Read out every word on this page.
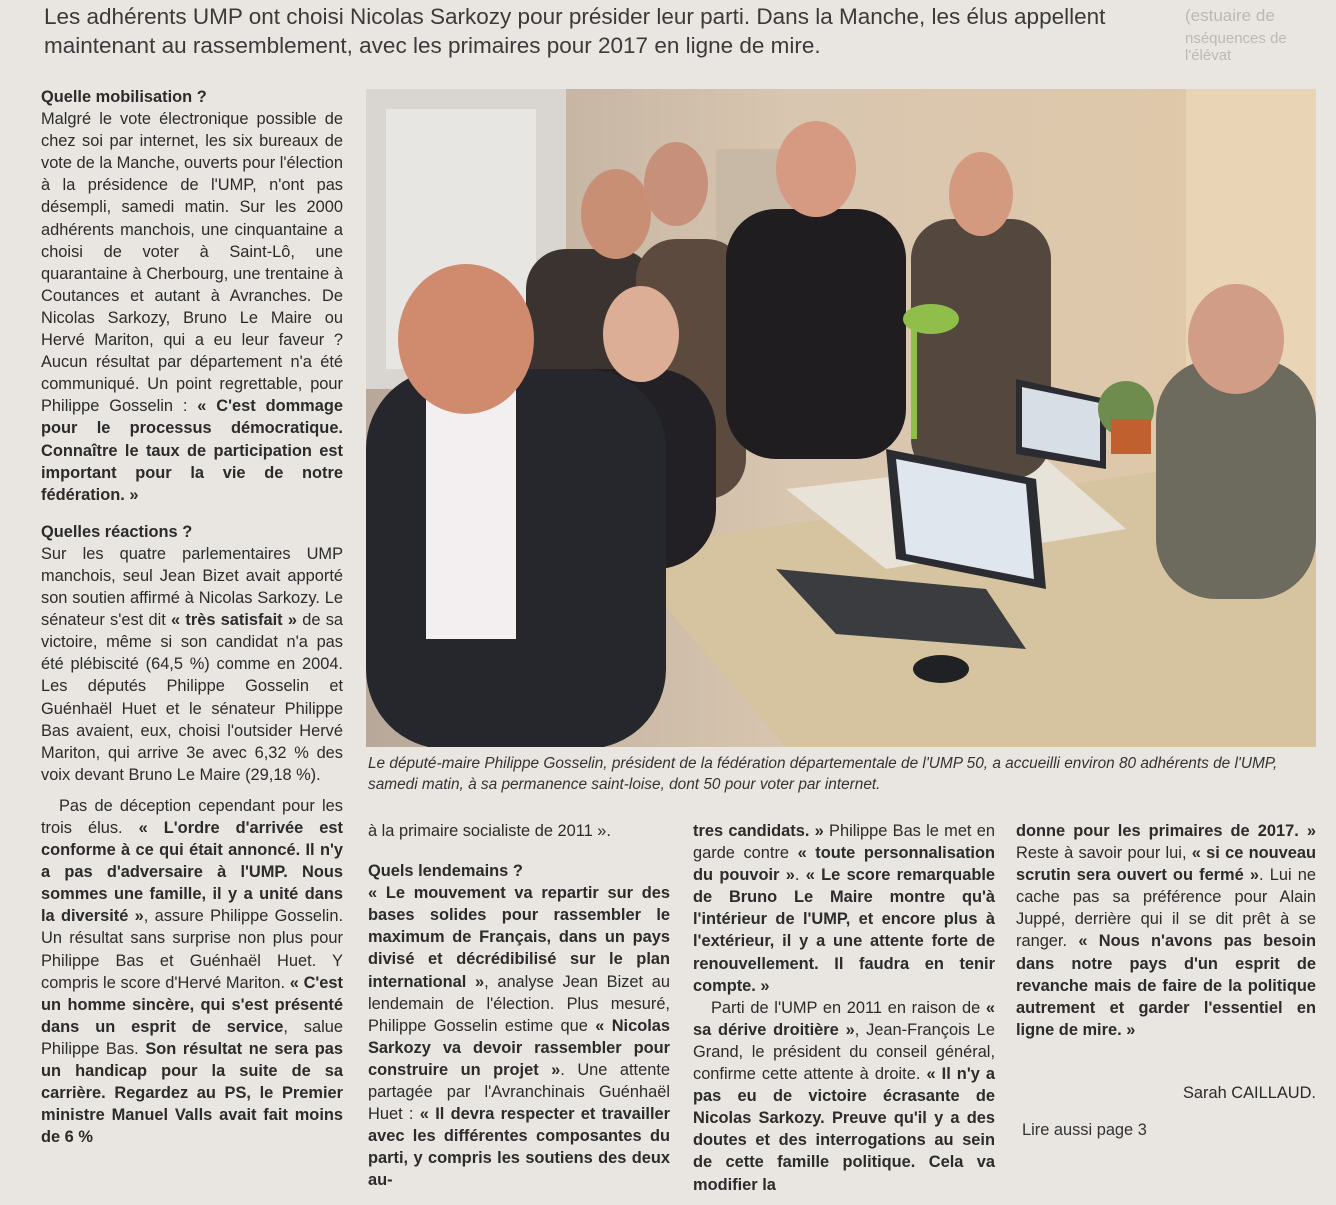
Les adhérents UMP ont choisi Nicolas Sarkozy pour présider leur parti. Dans la Manche, les élus appellent maintenant au rassemblement, avec les primaires pour 2017 en ligne de mire.

(estuaire de
nséquences de l'élévat
Quelle mobilisation ?

Malgré le vote électronique possible de chez soi par internet, les six bureaux de vote de la Manche, ouverts pour l'élection à la présidence de l'UMP, n'ont pas désempli, samedi matin. Sur les 2000 adhérents manchois, une cinquantaine a choisi de voter à Saint-Lô, une quarantaine à Cherbourg, une trentaine à Coutances et autant à Avranches. De Nicolas Sarkozy, Bruno Le Maire ou Hervé Mariton, qui a eu leur faveur ? Aucun résultat par département n'a été communiqué. Un point regrettable, pour Philippe Gosselin : « C'est dommage pour le processus démocratique. Connaître le taux de participation est important pour la vie de notre fédération. »

Quelles réactions ?

Sur les quatre parlementaires UMP manchois, seul Jean Bizet avait apporté son soutien affirmé à Nicolas Sarkozy. Le sénateur s'est dit « très satisfait » de sa victoire, même si son candidat n'a pas été plébiscité (64,5 %) comme en 2004. Les députés Philippe Gosselin et Guénhaël Huet et le sénateur Philippe Bas avaient, eux, choisi l'outsider Hervé Mariton, qui arrive 3e avec 6,32 % des voix devant Bruno Le Maire (29,18 %).

Pas de déception cependant pour les trois élus. « L'ordre d'arrivée est conforme à ce qui était annoncé. Il n'y a pas d'adversaire à l'UMP. Nous sommes une famille, il y a unité dans la diversité », assure Philippe Gosselin. Un résultat sans surprise non plus pour Philippe Bas et Guénhaël Huet. Y compris le score d'Hervé Mariton. « C'est un homme sincère, qui s'est présenté dans un esprit de service, salue Philippe Bas. Son résultat ne sera pas un handicap pour la suite de sa carrière. Regardez au PS, le Premier ministre Manuel Valls avait fait moins de 6 %

Le député-maire Philippe Gosselin, président de la fédération départementale de l'UMP 50, a accueilli environ 80 adhérents de l'UMP, samedi matin, à sa permanence saint-loise, dont 50 pour voter par internet.

à la primaire socialiste de 2011 ».

Quels lendemains ?

« Le mouvement va repartir sur des bases solides pour rassembler le maximum de Français, dans un pays divisé et décrédibilisé sur le plan international », analyse Jean Bizet au lendemain de l'élection. Plus mesuré, Philippe Gosselin estime que « Nicolas Sarkozy va devoir rassembler pour construire un projet ». Une attente partagée par l'Avranchinais Guénhaël Huet : « Il devra respecter et travailler avec les différentes composantes du parti, y compris les soutiens des deux au-

tres candidats. » Philippe Bas le met en garde contre « toute personnalisation du pouvoir ». « Le score remarquable de Bruno Le Maire montre qu'à l'intérieur de l'UMP, et encore plus à l'extérieur, il y a une attente forte de renouvellement. Il faudra en tenir compte. »

Parti de l'UMP en 2011 en raison de « sa dérive droitière », Jean-François Le Grand, le président du conseil général, confirme cette attente à droite. « Il n'y a pas eu de victoire écrasante de Nicolas Sarkozy. Preuve qu'il y a des doutes et des interrogations au sein de cette famille politique. Cela va modifier la

donne pour les primaires de 2017. » Reste à savoir pour lui, « si ce nouveau scrutin sera ouvert ou fermé ». Lui ne cache pas sa préférence pour Alain Juppé, derrière qui il se dit prêt à se ranger. « Nous n'avons pas besoin dans notre pays d'un esprit de revanche mais de faire de la politique autrement et garder l'essentiel en ligne de mire. »

Sarah CAILLAUD.
Lire aussi page 3
